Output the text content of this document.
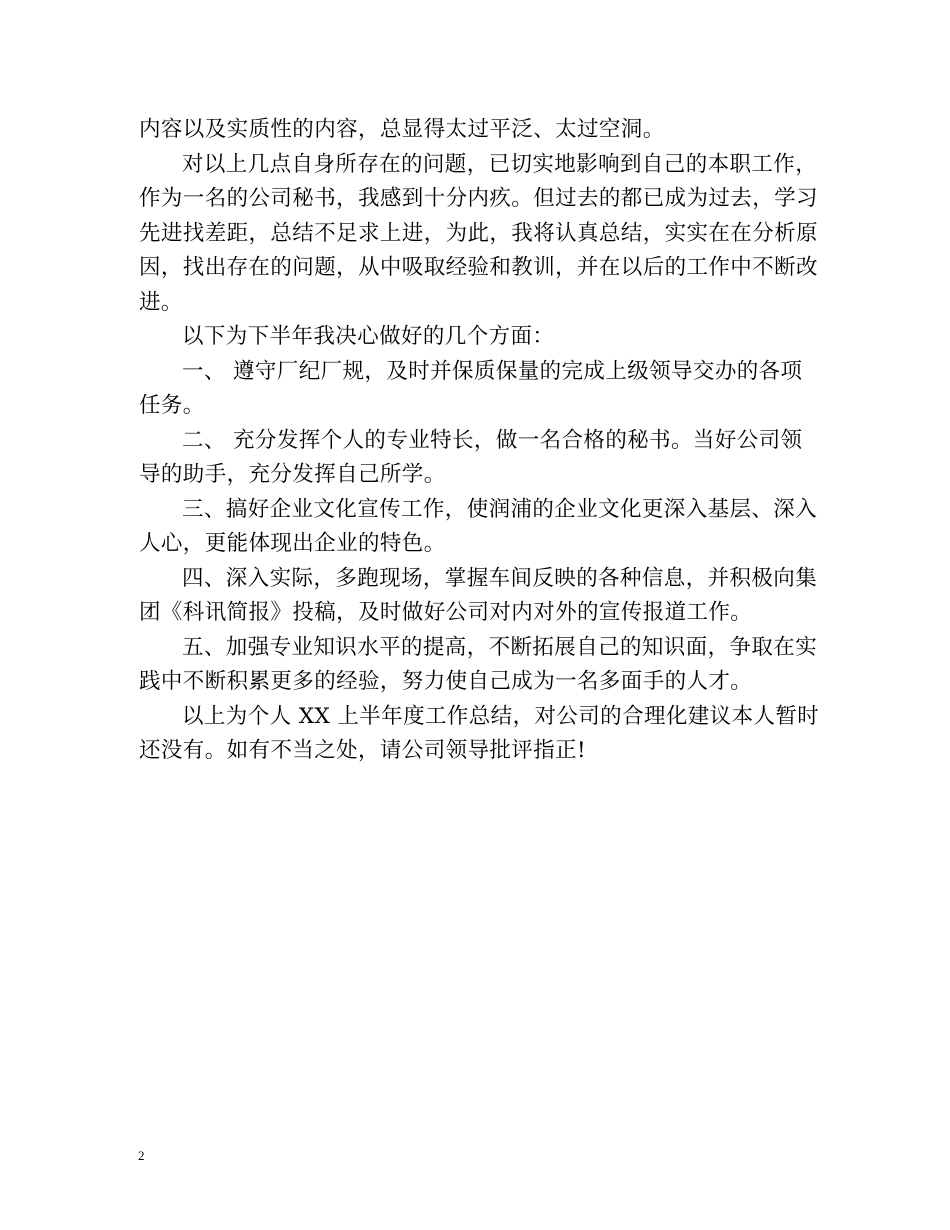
内容以及实质性的内容，总显得太过平泛、太过空洞。
对以上几点自身所存在的问题，已切实地影响到自己的本职工作，
作为一名的公司秘书，我感到十分内疚。但过去的都已成为过去，学习
先进找差距，总结不足求上进，为此，我将认真总结，实实在在分析原
因，找出存在的问题，从中吸取经验和教训，并在以后的工作中不断改
进。
以下为下半年我决心做好的几个方面：
一、 遵守厂纪厂规，及时并保质保量的完成上级领导交办的各项
任务。
二、 充分发挥个人的专业特长，做一名合格的秘书。当好公司领
导的助手，充分发挥自己所学。
三、搞好企业文化宣传工作，使润浦的企业文化更深入基层、深入
人心，更能体现出企业的特色。
四、深入实际，多跑现场，掌握车间反映的各种信息，并积极向集
团《科讯简报》投稿，及时做好公司对内对外的宣传报道工作。
五、加强专业知识水平的提高，不断拓展自己的知识面，争取在实
践中不断积累更多的经验，努力使自己成为一名多面手的人才。
以上为个人 XX 上半年度工作总结，对公司的合理化建议本人暂时
还没有。如有不当之处，请公司领导批评指正!
2
